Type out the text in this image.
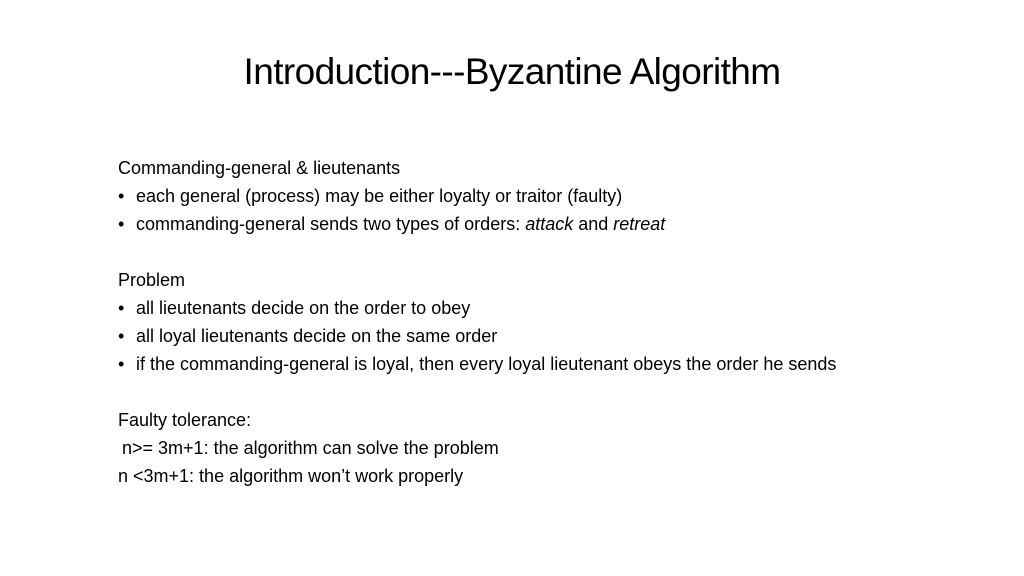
Introduction---Byzantine Algorithm

Commanding-general & lieutenants

• each general (process) may be either loyalty or traitor (faulty)
• commanding-general sends two types of orders: attack and retreat

Problem

• all lieutenants decide on the order to obey
• all loyal lieutenants decide on the same order
• if the commanding-general is loyal, then every loyal lieutenant obeys the order he sends

Faulty tolerance:

n>= 3m+1: the algorithm can solve the problem

n <3m+1: the algorithm won’t work properly
